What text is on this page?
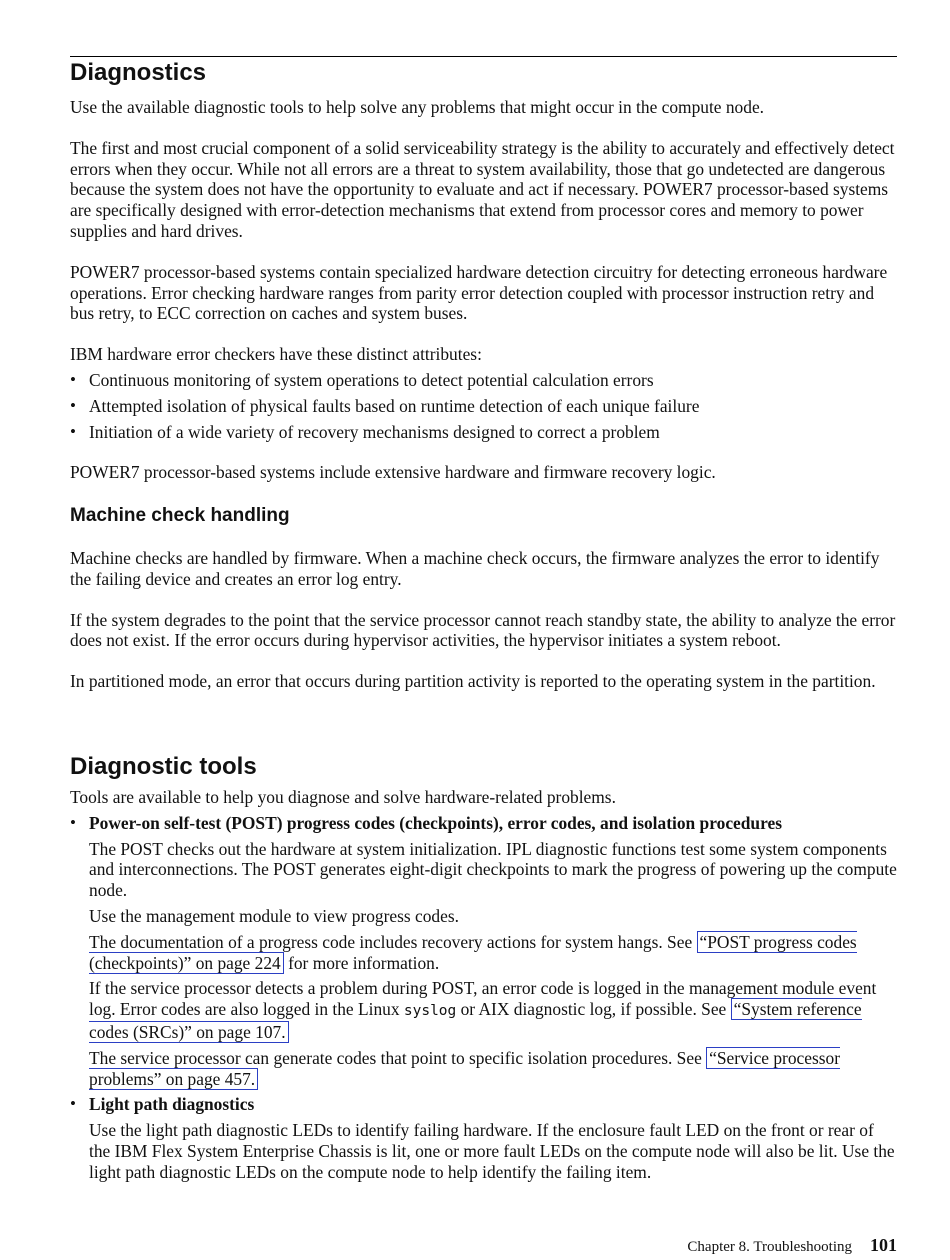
Diagnostics

Use the available diagnostic tools to help solve any problems that might occur in the compute node.

The first and most crucial component of a solid serviceability strategy is the ability to accurately and effectively detect errors when they occur. While not all errors are a threat to system availability, those that go undetected are dangerous because the system does not have the opportunity to evaluate and act if necessary. POWER7 processor-based systems are specifically designed with error-detection mechanisms that extend from processor cores and memory to power supplies and hard drives.

POWER7 processor-based systems contain specialized hardware detection circuitry for detecting erroneous hardware operations. Error checking hardware ranges from parity error detection coupled with processor instruction retry and bus retry, to ECC correction on caches and system buses.

IBM hardware error checkers have these distinct attributes:

• Continuous monitoring of system operations to detect potential calculation errors

• Attempted isolation of physical faults based on runtime detection of each unique failure

• Initiation of a wide variety of recovery mechanisms designed to correct a problem

POWER7 processor-based systems include extensive hardware and firmware recovery logic.

Machine check handling

Machine checks are handled by firmware. When a machine check occurs, the firmware analyzes the error to identify the failing device and creates an error log entry.

If the system degrades to the point that the service processor cannot reach standby state, the ability to analyze the error does not exist. If the error occurs during hypervisor activities, the hypervisor initiates a system reboot.

In partitioned mode, an error that occurs during partition activity is reported to the operating system in the partition.

Diagnostic tools

Tools are available to help you diagnose and solve hardware-related problems.

• Power-on self-test (POST) progress codes (checkpoints), error codes, and isolation procedures

The POST checks out the hardware at system initialization. IPL diagnostic functions test some system components and interconnections. The POST generates eight-digit checkpoints to mark the progress of powering up the compute node.

Use the management module to view progress codes.

The documentation of a progress code includes recovery actions for system hangs. See “POST progress codes (checkpoints)” on page 224 for more information.

If the service processor detects a problem during POST, an error code is logged in the management module event log. Error codes are also logged in the Linux syslog or AIX diagnostic log, if possible. See “System reference codes (SRCs)” on page 107.

The service processor can generate codes that point to specific isolation procedures. See “Service processor problems” on page 457.

• Light path diagnostics

Use the light path diagnostic LEDs to identify failing hardware. If the enclosure fault LED on the front or rear of the IBM Flex System Enterprise Chassis is lit, one or more fault LEDs on the compute node will also be lit. Use the light path diagnostic LEDs on the compute node to help identify the failing item.

Chapter 8. Troubleshooting 101
